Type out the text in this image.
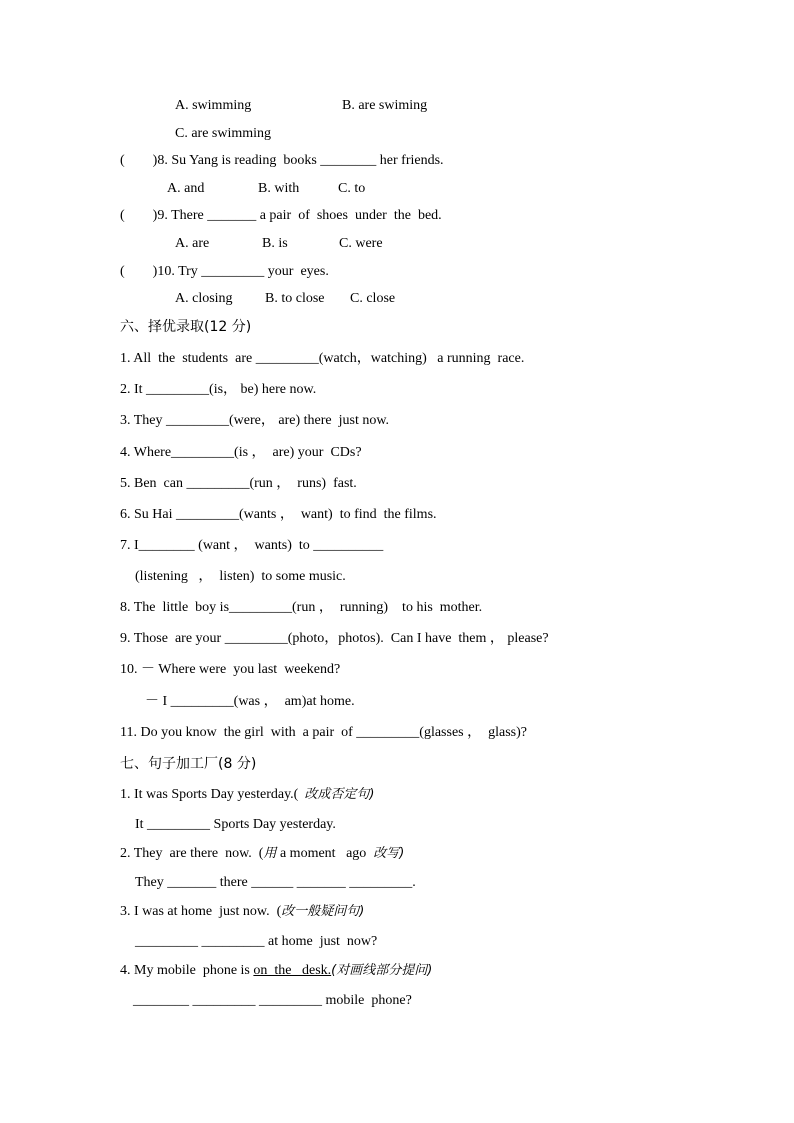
A. swimming	B. are swiming
C. are swimming
(        )8. Su Yang is reading  books ________ her friends.
A. and	B. with	C. to
(        )9. There _______ a pair  of  shoes  under  the  bed.
A. are	B. is	C. were
(        )10. Try _________ your  eyes.
A. closing B. to close C. close
六、择优录取(12 分)
1. All  the  students  are _________(watch，watching)   a running  race.
2. It _________(is， be) here now.
3. They _________(were， are) there  just now.
4. Where_________(is ，  are) your  CDs?
5. Ben  can _________(run ，  runs)  fast.
6. Su Hai _________(wants ，  want)  to find  the films.
7. I________ (want ，  wants)  to __________
(listening   ，  listen)  to some music.
8. The  little  boy is_________(run ，  running)    to his  mother.
9. Those  are your _________(photo，photos).  Can I have  them ， please?
10. － Where were  you last  weekend?
－ I _________(was ，  am)at home.
11. Do you know  the girl  with  a pair  of _________(glasses ，  glass)?
七、句子加工厂(8 分)
1. It was Sports Day yesterday.( 改成否定句)
It _________ Sports Day yesterday.
2. They  are there  now.  (用 a moment   ago  改写)
They _______ there ______ _______ _________.
3. I was at home  just now.  (改一般疑问句)
_________ _________ at home  just  now?
4. My mobile  phone is on  the   desk.(对画线部分提问)
________ _________ _________ mobile  phone?
